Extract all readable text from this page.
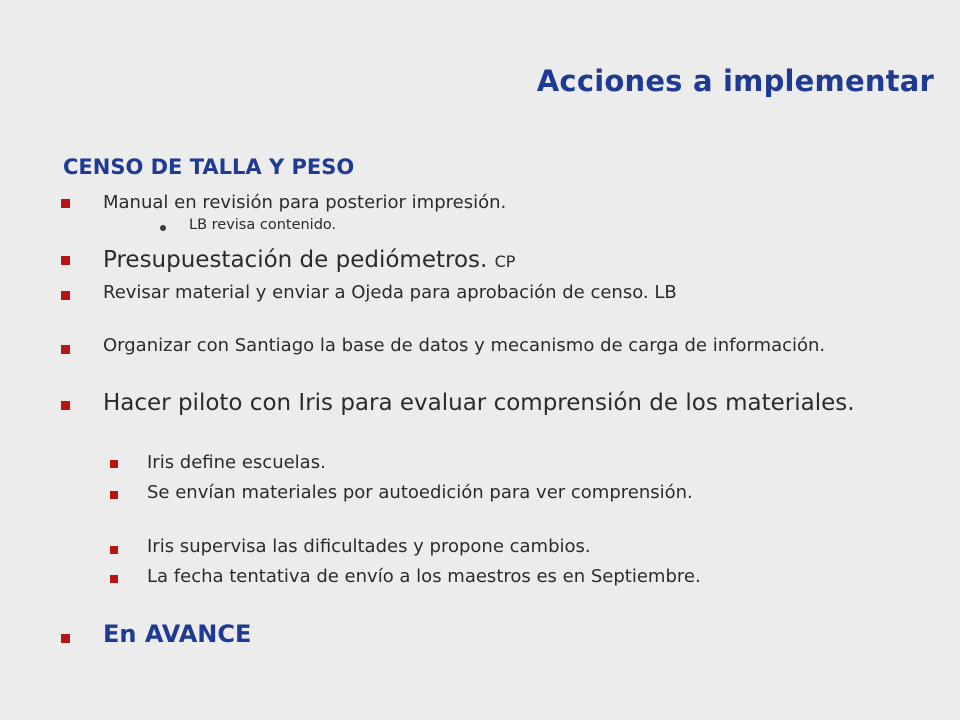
Acciones a implementar
CENSO DE TALLA Y PESO
Manual en revisión para posterior impresión.
LB revisa contenido.
Presupuestación de pediómetros. CP
Revisar material y enviar a Ojeda para aprobación de censo. LB
Organizar con Santiago la base de datos y mecanismo de carga de información.
Hacer piloto con Iris para evaluar comprensión de los materiales.
Iris define escuelas.
Se envían materiales por autoedición para ver comprensión.
Iris supervisa las dificultades y propone cambios.
La fecha tentativa de envío a los maestros es en Septiembre.
En AVANCE
